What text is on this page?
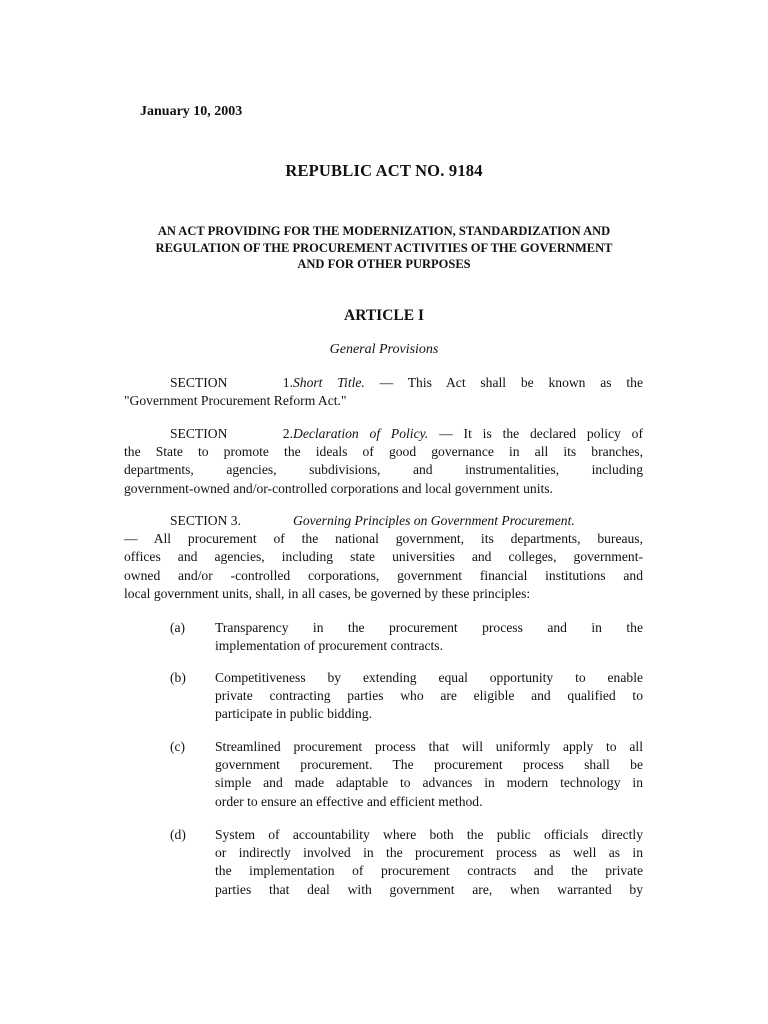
January 10, 2003
REPUBLIC ACT NO. 9184
AN ACT PROVIDING FOR THE MODERNIZATION, STANDARDIZATION AND
REGULATION OF THE PROCUREMENT ACTIVITIES OF THE GOVERNMENT
AND FOR OTHER PURPOSES
ARTICLE I
General Provisions
SECTION 1.Short Title. — This Act shall be known as the
"Government Procurement Reform Act."
SECTION 2.Declaration of Policy. — It is the declared policy of
the State to promote the ideals of good governance in all its branches,
departments, agencies, subdivisions, and instrumentalities, including
government-owned and/or-controlled corporations and local government units.
SECTION 3.	Governing Principles on Government Procurement.
— All procurement of the national government, its departments, bureaus,
offices and agencies, including state universities and colleges, government-
owned and/or -controlled corporations, government financial institutions and
local government units, shall, in all cases, be governed by these principles:
(a) Transparency in the procurement process and in the
implementation of procurement contracts.
(b) Competitiveness by extending equal opportunity to enable
private contracting parties who are eligible and qualified to
participate in public bidding.
(c) Streamlined procurement process that will uniformly apply to all
government procurement. The procurement process shall be
simple and made adaptable to advances in modern technology in
order to ensure an effective and efficient method.
(d) System of accountability where both the public officials directly
or indirectly involved in the procurement process as well as in
the implementation of procurement contracts and the private
parties that deal with government are, when warranted by
